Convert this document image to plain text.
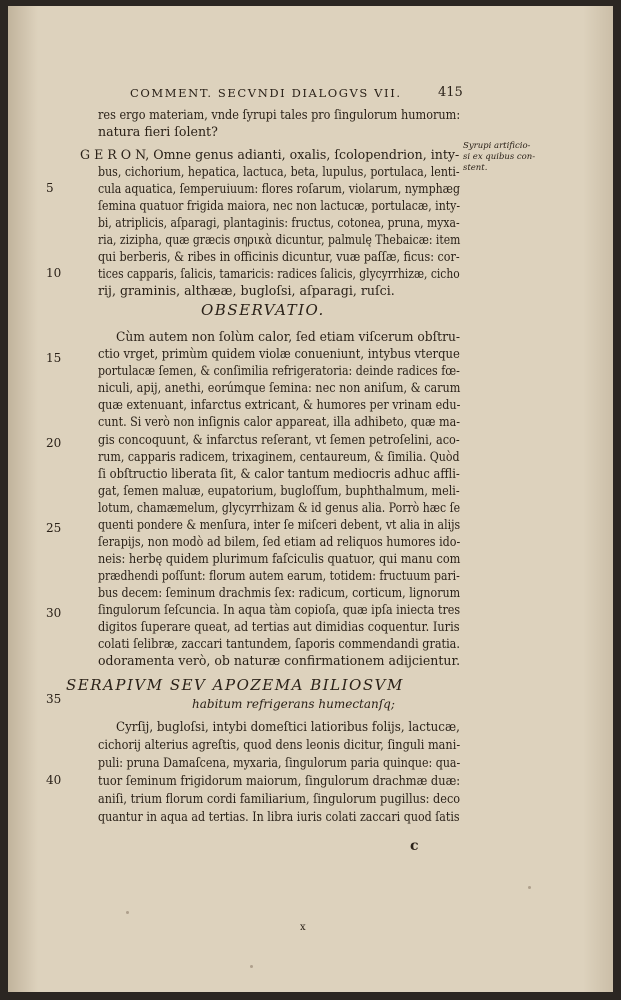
COMMENT. SECVNDI DIALOGVS VII.	415
Syrupi artificio-
si ex quibus con-
stent.
5
10
15
20
25
30
35
40
res ergo materiam, vnde ſyrupi tales pro ſingulorum humorum:
natura fieri ſolent?
G E R O N, Omne genus adianti, oxalis, ſcolopendrion, inty-
bus, cichorium, hepatica, lactuca, beta, lupulus, portulaca, lenti-
cula aquatica, ſemperuiuum: flores roſarum, violarum, nymphæg
ſemina quatuor frigida maiora, nec non lactucæ, portulacæ, inty-
bi, atriplicis, aſparagi, plantaginis: fructus, cotonea, pruna, myxa-
ria, zizipha, quæ græcis σηρικὰ dicuntur, palmulę Thebaicæ: item
qui berberis, & ribes in officinis dicuntur, vuæ paſſæ, ficus: cor-
tices capparis, ſalicis, tamaricis: radices ſalicis, glycyrrhizæ, cicho
rij, graminis, althææ, bugloſsi, aſparagi, ruſci.
OBSERVATIO.
Cùm autem non ſolùm calor, ſed etiam viſcerum obſtru-
ctio vrget, primùm quidem violæ conueniunt, intybus vterque
portulacæ ſemen, & conſimilia refrigeratoria: deinde radices fœ-
niculi, apij, anethi, eorúmque ſemina: nec non aniſum, & carum
quæ extenuant, infarctus extricant, & humores per vrinam edu-
cunt. Si verò non inſignis calor appareat, illa adhibeto, quæ ma-
gis concoquunt, & infarctus reſerant, vt ſemen petroſelini, aco-
rum, capparis radicem, trixaginem, centaureum, & ſimilia. Quòd
ſi obſtructio liberata ſit, & calor tantum mediocris adhuc affli-
gat, ſemen maluæ, eupatorium, bugloſſum, buphthalmum, meli-
lotum, chamæmelum, glycyrrhizam & id genus alia. Porrò hæc ſe
quenti pondere & menſura, inter ſe miſceri debent, vt alia in alijs
ſerapijs, non modò ad bilem, ſed etiam ad reliquos humores ido-
neis: herbę quidem plurimum faſciculis quatuor, qui manu com
prædhendi poſſunt: florum autem earum, totidem: fructuum pari-
bus decem: ſeminum drachmis ſex: radicum, corticum, lignorum
ſingulorum ſeſcuncia. In aqua tàm copioſa, quæ ipſa iniecta tres
digitos ſuperare queat, ad tertias aut dimidias coquentur. Iuris
colati ſelibræ, zaccari tantundem, ſaporis commendandi gratia.
odoramenta verò, ob naturæ confirmationem adijcientur.
SERAPIVM SEV APOZEMA BILIOSVM
habitum refrigerans humectanſq;
Cyrſij, bugloſsi, intybi domeſtici latioribus folijs, lactucæ,
cichorij alterius agreſtis, quod dens leonis dicitur, ſinguli mani-
puli: pruna Damaſcena, myxaria, ſingulorum paria quinque: qua-
tuor ſeminum frigidorum maiorum, ſingulorum drachmæ duæ:
aniſi, trium florum cordi familiarium, ſingulorum pugillus: deco
quantur in aqua ad tertias. In libra iuris colati zaccari quod ſatis
c
x
